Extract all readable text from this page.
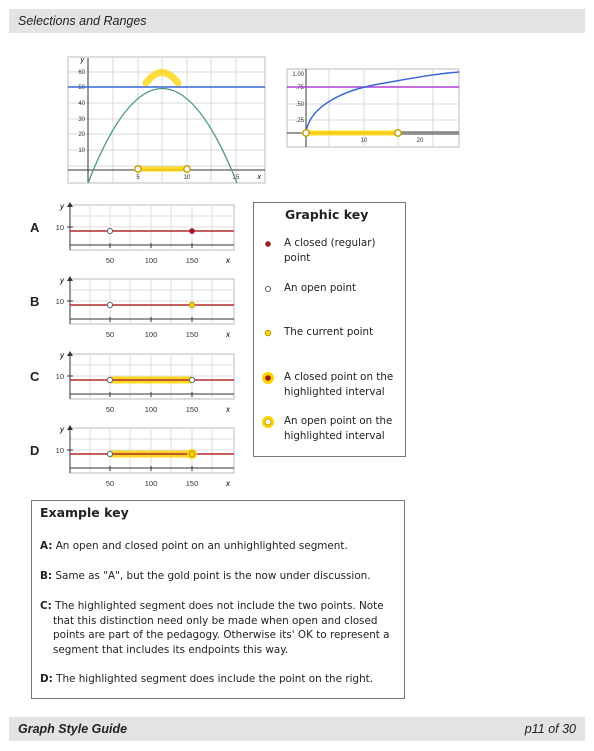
Selections and Ranges
y
x
60
50
40
30
20
10
5	10	15
1.00
.75
.50
.25
10	20
A
y
10
50	100	150	x
B
y
10
50	100	150	x
C
y
10
50	100	150	x
D
y
10
50	100	150	x
Graphic key
A closed (regular) point
An open point
The current point
A closed point on the highlighted interval
An open point on the highlighted interval
Example key
A: An open and closed point on an unhighlighted segment.
B: Same as "A", but the gold point is the now under discussion.
C: The highlighted segment does not include the two points. Note that this distinction need only be made when open and closed points are part of the pedagogy. Otherwise its' OK to represent a segment that includes its endpoints this way.
D: The highlighted segment does include the point on the right.
Graph Style Guide	p11 of 30
